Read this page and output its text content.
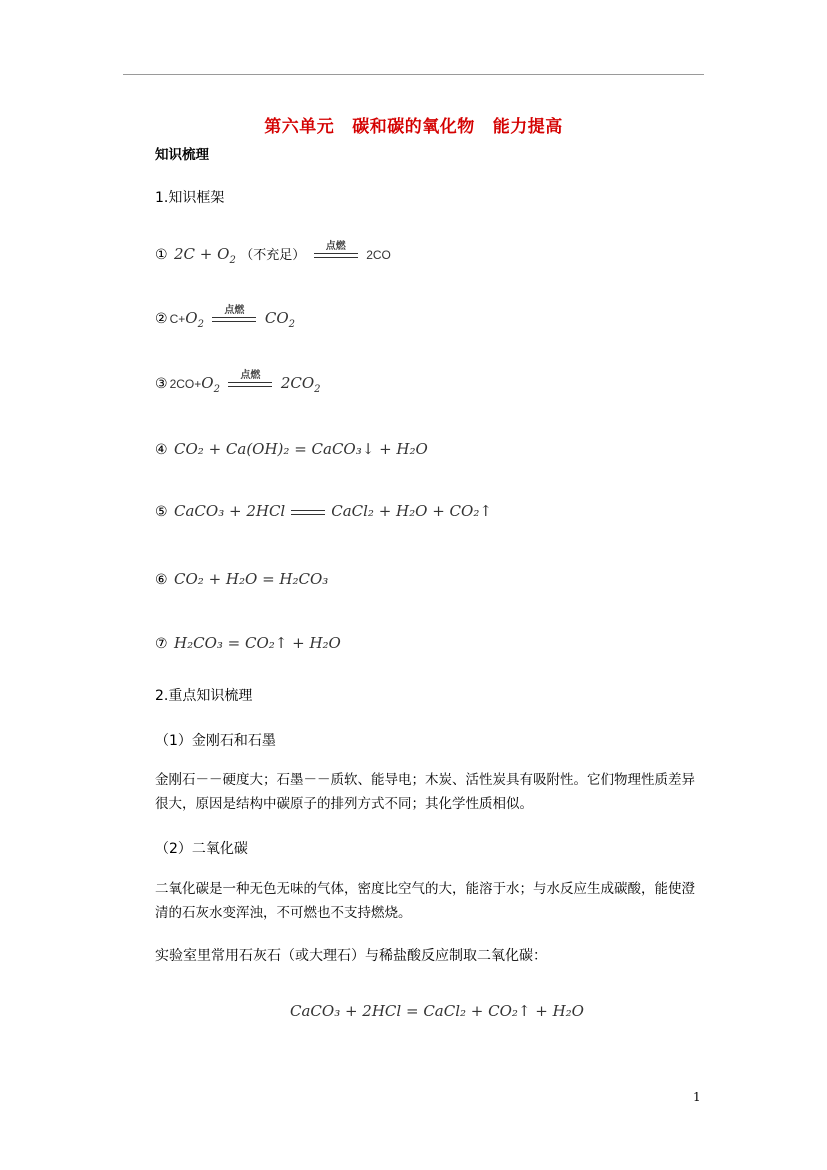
第六单元 碳和碳的氧化物 能力提高
知识梳理
1.知识框架
① $2C + O_2$ （不充足）
点燃
2CO
② $C+O_2$
点燃	$CO_2$
③ $2CO+O_2$
点燃	$2CO_2$
④ CO₂ + Ca(OH)₂ = CaCO₃↓ + H₂O
⑤ CaCO₃ + 2HCl	CaCl₂ + H₂O + CO₂↑
⑥ CO₂ + H₂O = H₂CO₃
⑦ H₂CO₃ = CO₂↑ + H₂O
2.重点知识梳理
（1）金刚石和石墨
金刚石－－硬度大；石墨－－质软、能导电；木炭、活性炭具有吸附性。它们物理性质差异很大，原因是结构中碳原子的排列方式不同；其化学性质相似。
（2）二氧化碳
二氧化碳是一种无色无味的气体，密度比空气的大，能溶于水；与水反应生成碳酸，能使澄清的石灰水变浑浊，不可燃也不支持燃烧。
实验室里常用石灰石（或大理石）与稀盐酸反应制取二氧化碳：
CaCO₃ + 2HCl = CaCl₂ + CO₂↑ + H₂O
1
